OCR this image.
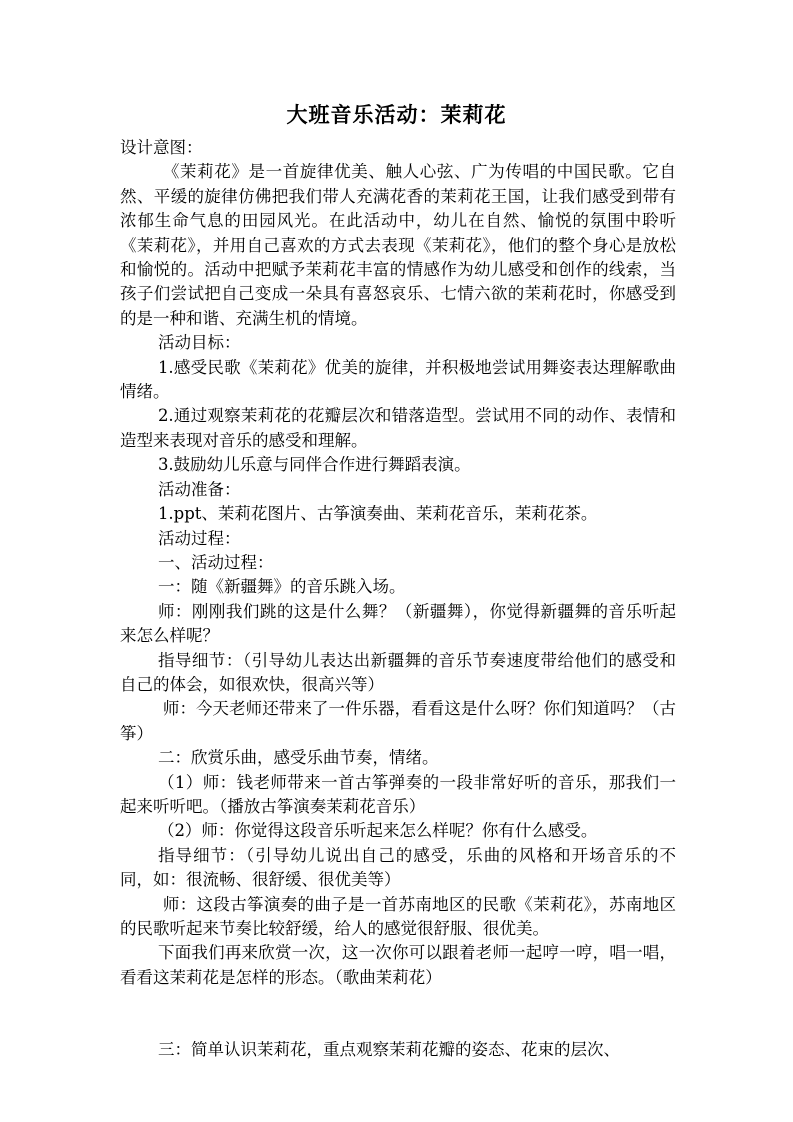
大班音乐活动：茉莉花

设计意图：

《茉莉花》是一首旋律优美、触人心弦、广为传唱的中国民歌。它自然、平缓的旋律仿佛把我们带人充满花香的茉莉花王国，让我们感受到带有浓郁生命气息的田园风光。在此活动中，幼儿在自然、愉悦的氛围中聆听《茉莉花》，并用自己喜欢的方式去表现《茉莉花》，他们的整个身心是放松和愉悦的。活动中把赋予茉莉花丰富的情感作为幼儿感受和创作的线索，当孩子们尝试把自己变成一朵具有喜怒哀乐、七情六欲的茉莉花时，你感受到的是一种和谐、充满生机的情境。

活动目标：

1.感受民歌《茉莉花》优美的旋律，并积极地尝试用舞姿表达理解歌曲情绪。

2.通过观察茉莉花的花瓣层次和错落造型。尝试用不同的动作、表情和造型来表现对音乐的感受和理解。

3.鼓励幼儿乐意与同伴合作进行舞蹈表演。

活动准备：

1.ppt、茉莉花图片、古筝演奏曲、茉莉花音乐，茉莉花茶。

活动过程：

一、活动过程：

一：随《新疆舞》的音乐跳入场。

师：刚刚我们跳的这是什么舞？（新疆舞），你觉得新疆舞的音乐听起来怎么样呢？

指导细节：（引导幼儿表达出新疆舞的音乐节奏速度带给他们的感受和自己的体会，如很欢快，很高兴等）

师：今天老师还带来了一件乐器，看看这是什么呀？你们知道吗？（古筝）

二：欣赏乐曲，感受乐曲节奏，情绪。

（1）师：钱老师带来一首古筝弹奏的一段非常好听的音乐，那我们一起来听听吧。（播放古筝演奏茉莉花音乐）

（2）师：你觉得这段音乐听起来怎么样呢？你有什么感受。

指导细节：（引导幼儿说出自己的感受，乐曲的风格和开场音乐的不同，如：很流畅、很舒缓、很优美等）

师：这段古筝演奏的曲子是一首苏南地区的民歌《茉莉花》，苏南地区的民歌听起来节奏比较舒缓，给人的感觉很舒服、很优美。

下面我们再来欣赏一次，这一次你可以跟着老师一起哼一哼，唱一唱，看看这茉莉花是怎样的形态。（歌曲茉莉花）

三：简单认识茉莉花，重点观察茉莉花瓣的姿态、花束的层次、
